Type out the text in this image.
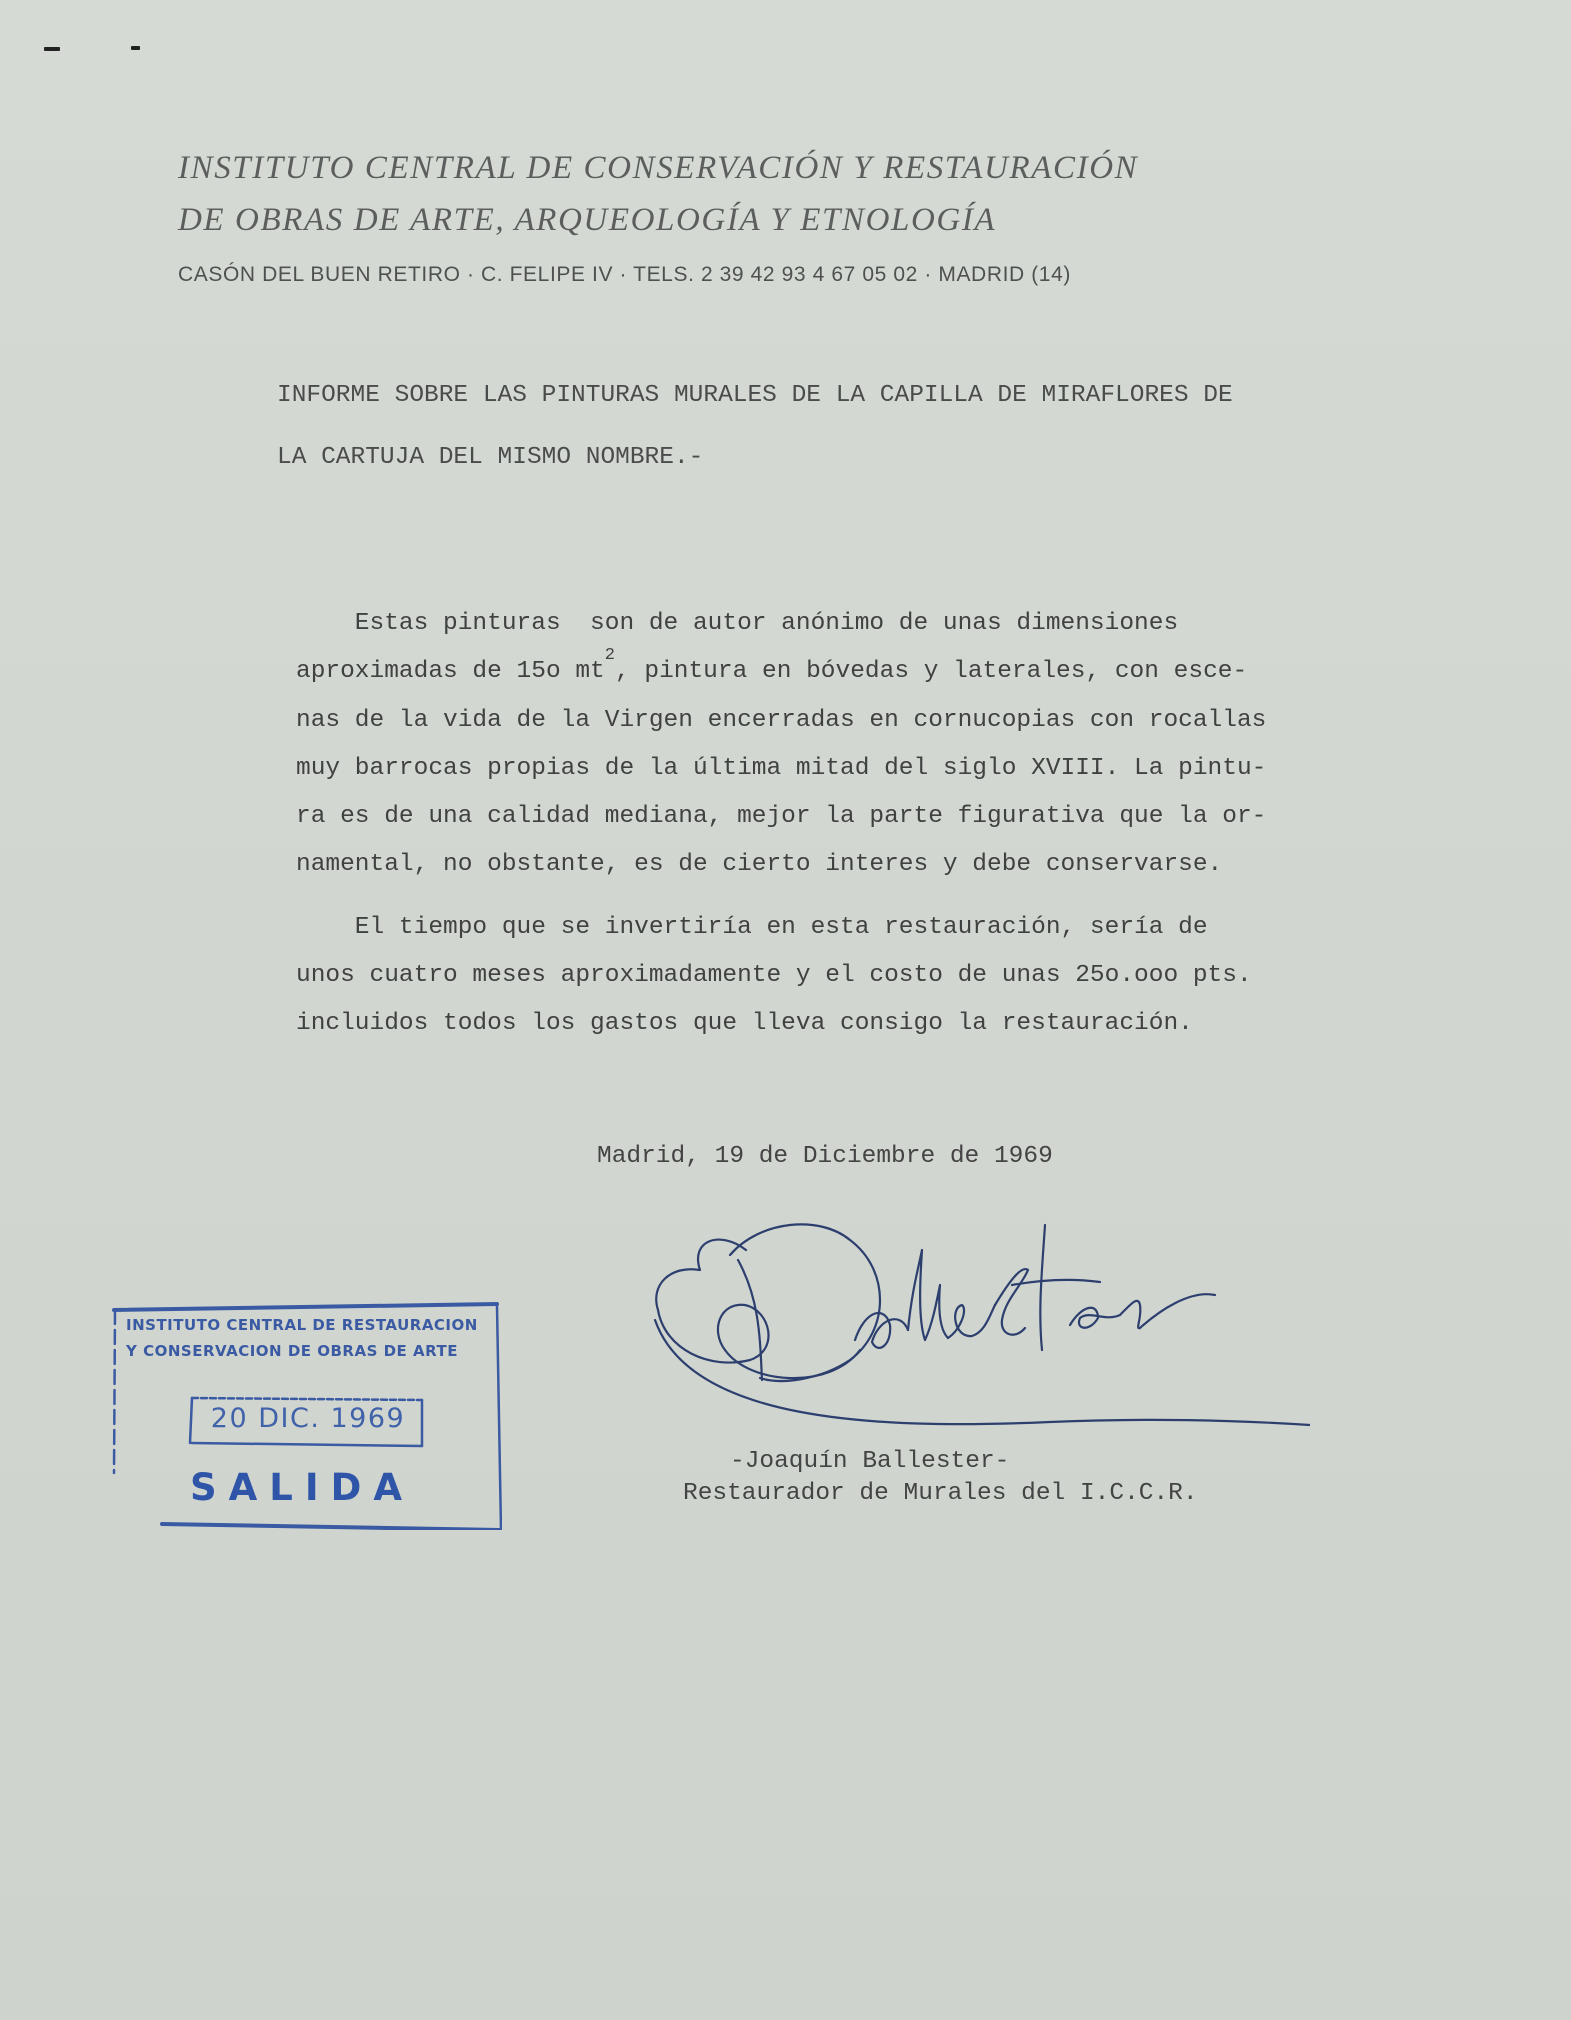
INSTITUTO CENTRAL DE CONSERVACIÓN Y RESTAURACIÓN
DE OBRAS DE ARTE, ARQUEOLOGÍA Y ETNOLOGÍA
CASÓN DEL BUEN RETIRO · C. FELIPE IV · TELS. 2 39 42 93 4 67 05 02 · MADRID (14)
INFORME SOBRE LAS PINTURAS MURALES DE LA CAPILLA DE MIRAFLORES DE
LA CARTUJA DEL MISMO NOMBRE.-
Estas pinturas  son de autor anónimo de unas dimensiones
aproximadas de 15o $mt^2$, pintura en bóvedas y laterales, con esce-
nas de la vida de la Virgen encerradas en cornucopias con rocallas
muy barrocas propias de la última mitad del siglo XVIII. La pintu-
ra es de una calidad mediana, mejor la parte figurativa que la or-
namental, no obstante, es de cierto interes y debe conservarse.
El tiempo que se invertiría en esta restauración, sería de
unos cuatro meses aproximadamente y el costo de unas 25o.ooo pts.
incluidos todos los gastos que lleva consigo la restauración.
Madrid, 19 de Diciembre de 1969
-Joaquín Ballester-
Restaurador de Murales del I.C.C.R.
INSTITUTO CENTRAL DE RESTAURACION
Y CONSERVACION DE OBRAS DE ARTE
20 DIC. 1969
SALIDA
